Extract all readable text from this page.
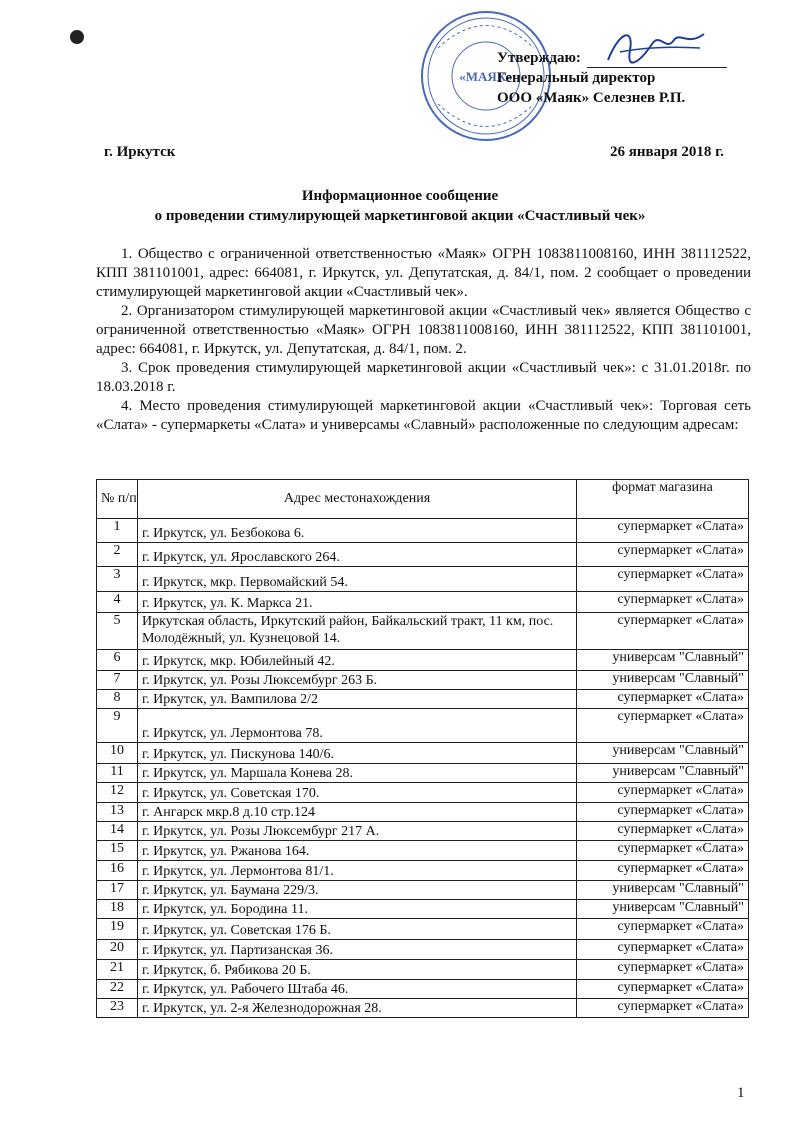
«МАЯК»
Утверждаю:
Генеральный директор
ООО «Маяк» Селезнев Р.П.
г. Иркутск	26 января 2018 г.
Информационное сообщение
о проведении стимулирующей маркетинговой акции «Счастливый чек»

1. Общество с ограниченной ответственностью «Маяк» ОГРН 1083811008160, ИНН 381112522, КПП 381101001, адрес: 664081, г. Иркутск, ул. Депутатская, д. 84/1, пом. 2 сообщает о проведении стимулирующей маркетинговой акции «Счастливый чек».

2. Организатором стимулирующей маркетинговой акции «Счастливый чек» является Общество с ограниченной ответственностью «Маяк» ОГРН 1083811008160, ИНН 381112522, КПП 381101001, адрес: 664081, г. Иркутск, ул. Депутатская, д. 84/1, пом. 2.

3. Срок проведения стимулирующей маркетинговой акции «Счастливый чек»: с 31.01.2018г. по 18.03.2018 г.

4. Место проведения стимулирующей маркетинговой акции «Счастливый чек»: Торговая сеть «Слата» - супермаркеты «Слата» и универсамы «Славный» расположенные по следующим адресам:

№ п/п	Адрес местонахождения	формат магазина
1	г. Иркутск, ул. Безбокова 6.	супермаркет «Слата»
2	г. Иркутск, ул. Ярославского 264.	супермаркет «Слата»
3	г. Иркутск, мкр. Первомайский 54.	супермаркет «Слата»
4	г. Иркутск, ул. К. Маркса 21.	супермаркет «Слата»
5	Иркутская область, Иркутский район, Байкальский тракт, 11 км, пос. Молодёжный, ул. Кузнецовой 14.	супермаркет «Слата»
6	г. Иркутск, мкр. Юбилейный 42.	универсам "Славный"
7	г. Иркутск, ул. Розы Люксембург 263 Б.	универсам "Славный"
8	г. Иркутск, ул. Вампилова 2/2	супермаркет «Слата»
9	г. Иркутск, ул. Лермонтова 78.	супермаркет «Слата»
10	г. Иркутск, ул. Пискунова 140/6.	универсам "Славный"
11	г. Иркутск, ул. Маршала Конева 28.	универсам "Славный"
12	г. Иркутск, ул. Советская 170.	супермаркет «Слата»
13	г. Ангарск мкр.8 д.10 стр.124	супермаркет «Слата»
14	г. Иркутск, ул. Розы Люксембург 217 А.	супермаркет «Слата»
15	г. Иркутск, ул. Ржанова 164.	супермаркет «Слата»
16	г. Иркутск, ул. Лермонтова 81/1.	супермаркет «Слата»
17	г. Иркутск, ул. Баумана 229/3.	универсам "Славный"
18	г. Иркутск, ул. Бородина 11.	универсам "Славный"
19	г. Иркутск, ул. Советская 176 Б.	супермаркет «Слата»
20	г. Иркутск, ул. Партизанская 36.	супермаркет «Слата»
21	г. Иркутск, б. Рябикова 20 Б.	супермаркет «Слата»
22	г. Иркутск, ул. Рабочего Штаба 46.	супермаркет «Слата»
23	г. Иркутск, ул. 2-я Железнодорожная 28.	супермаркет «Слата»
1
